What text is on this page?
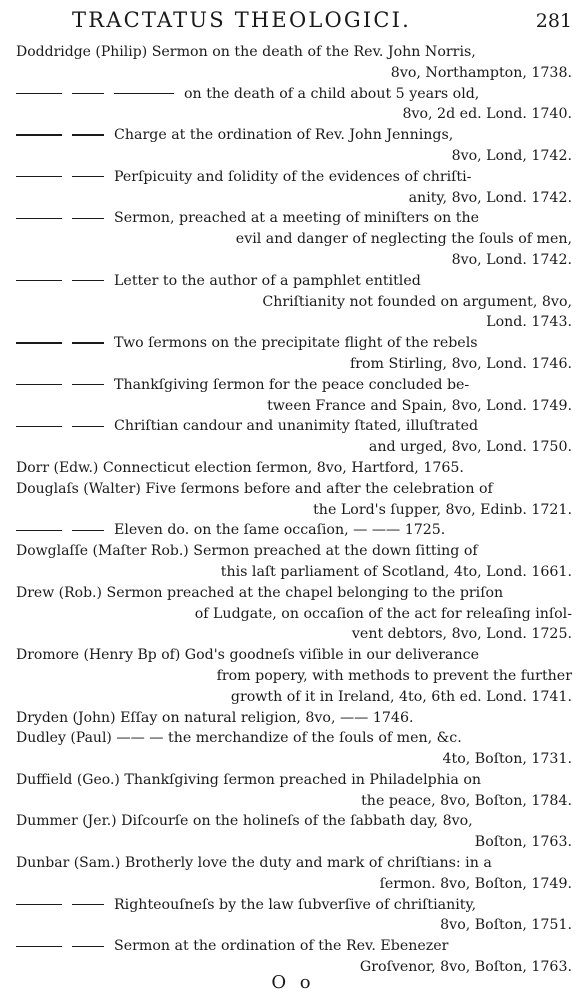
TRACTATUS THEOLOGICI.	281
Doddridge (Philip) Sermon on the death of the Rev. John Norris,
8vo, Northampton, 1738.
on the death of a child about 5 years old,
8vo, 2d ed. Lond. 1740.
Charge at the ordination of Rev. John Jennings,
8vo, Lond, 1742.
Perſpicuity and ſolidity of the evidences of chriſti-
anity, 8vo, Lond. 1742.
Sermon, preached at a meeting of miniſters on the
evil and danger of neglecting the ſouls of men,
8vo, Lond. 1742.
Letter to the author of a pamphlet entitled
Chriſtianity not founded on argument, 8vo,
Lond. 1743.
Two ſermons on the precipitate flight of the rebels
from Stirling, 8vo, Lond. 1746.
Thankſgiving ſermon for the peace concluded be-
tween France and Spain, 8vo, Lond. 1749.
Chriſtian candour and unanimity ſtated, illuſtrated
and urged, 8vo, Lond. 1750.
Dorr (Edw.) Connecticut election ſermon, 8vo, Hartford, 1765.
Douglaſs (Walter) Five ſermons before and after the celebration of
the Lord's ſupper, 8vo, Edinb. 1721.
Eleven do. on the ſame occaſion, — —— 1725.
Dowglaſſe (Maſter Rob.) Sermon preached at the down ſitting of
this laſt parliament of Scotland, 4to, Lond. 1661.
Drew (Rob.) Sermon preached at the chapel belonging to the priſon
of Ludgate, on occaſion of the act for releaſing inſol-
vent debtors, 8vo, Lond. 1725.
Dromore (Henry Bp of) God's goodneſs viſible in our deliverance
from popery, with methods to prevent the further
growth of it in Ireland, 4to, 6th ed. Lond. 1741.
Dryden (John) Eſſay on natural religion, 8vo, —— 1746.
Dudley (Paul) —— — the merchandize of the ſouls of men, &c.
4to, Boſton, 1731.
Duffield (Geo.) Thankſgiving ſermon preached in Philadelphia on
the peace, 8vo, Boſton, 1784.
Dummer (Jer.) Diſcourſe on the holineſs of the ſabbath day, 8vo,
Boſton, 1763.
Dunbar (Sam.) Brotherly love the duty and mark of chriſtians: in a
ſermon. 8vo, Boſton, 1749.
Righteouſneſs by the law ſubverſive of chriſtianity,
8vo, Boſton, 1751.
Sermon at the ordination of the Rev. Ebenezer
Groſvenor, 8vo, Boſton, 1763.
O o
